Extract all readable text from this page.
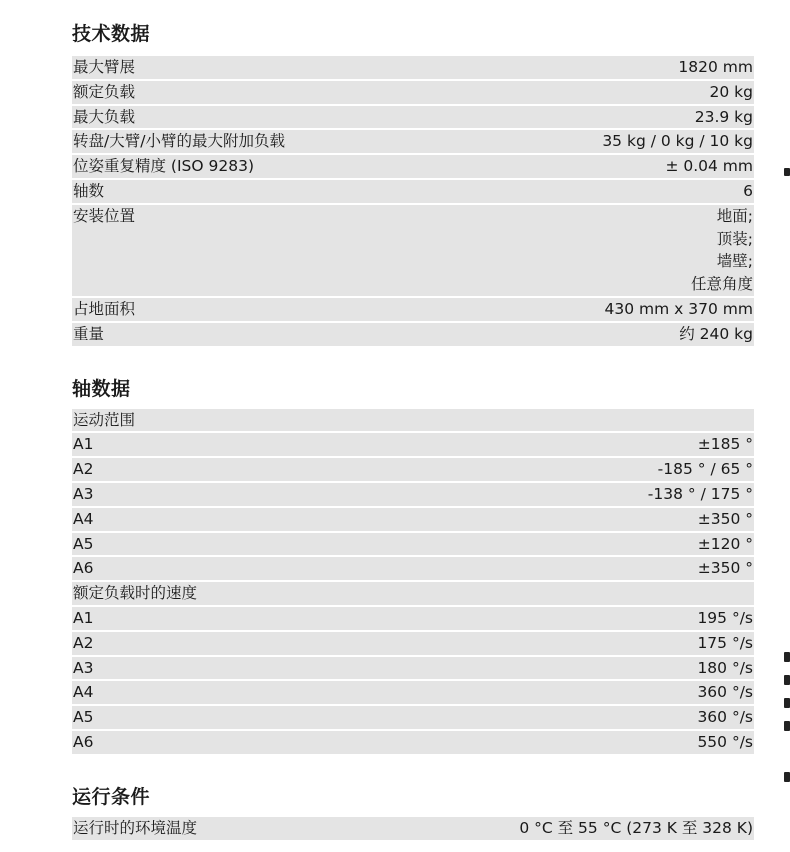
技术数据
最大臂展	1820 mm
额定负载	20 kg
最大负载	23.9 kg
转盘/大臂/小臂的最大附加负载	35 kg / 0 kg / 10 kg
位姿重复精度 (ISO 9283)	± 0.04 mm
轴数	6
安装位置	地面;
顶装;
墙壁;
任意角度
占地面积	430 mm x 370 mm
重量	约 240 kg
轴数据
运动范围
A1	±185 °
A2	-185 ° / 65 °
A3	-138 ° / 175 °
A4	±350 °
A5	±120 °
A6	±350 °
额定负载时的速度
A1	195 °/s
A2	175 °/s
A3	180 °/s
A4	360 °/s
A5	360 °/s
A6	550 °/s
运行条件
运行时的环境温度	0 °C 至 55 °C (273 K 至 328 K)
